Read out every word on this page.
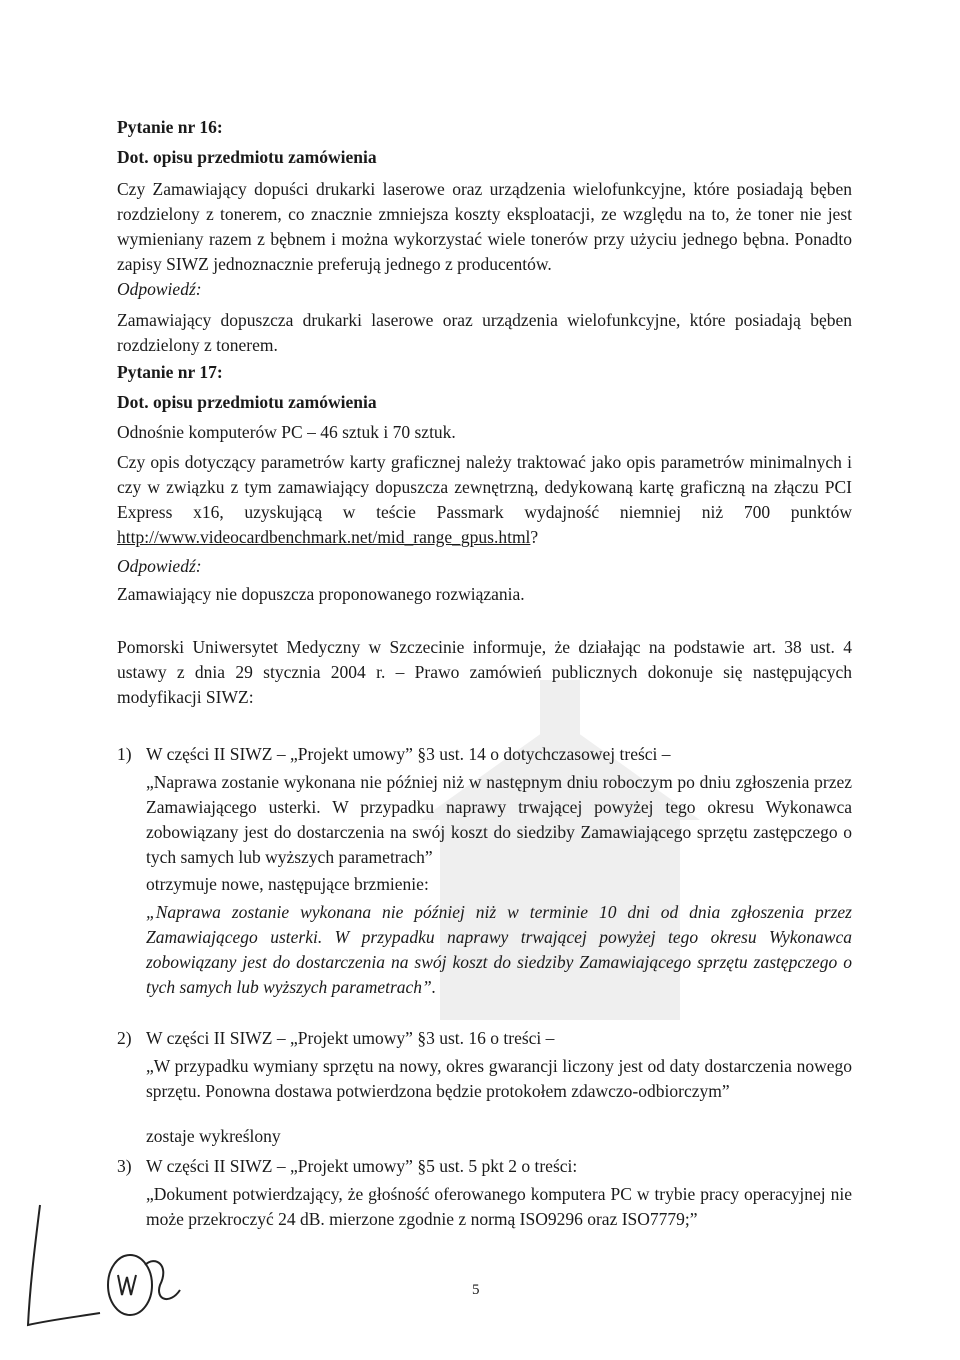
Pytanie nr 16:

Dot. opisu przedmiotu zamówienia

Czy Zamawiający dopuści drukarki laserowe oraz urządzenia wielofunkcyjne, które posiadają bęben rozdzielony z tonerem, co znacznie zmniejsza koszty eksploatacji, ze względu na to, że toner nie jest wymieniany razem z bębnem i można wykorzystać wiele tonerów przy użyciu jednego bębna. Ponadto zapisy SIWZ jednoznacznie preferują jednego z producentów.

Odpowiedź:

Zamawiający dopuszcza drukarki laserowe oraz urządzenia wielofunkcyjne, które posiadają bęben rozdzielony z tonerem.

Pytanie nr 17:

Dot. opisu przedmiotu zamówienia

Odnośnie komputerów PC – 46 sztuk i 70 sztuk.

Czy opis dotyczący parametrów karty graficznej należy traktować jako opis parametrów minimalnych i czy w związku z tym zamawiający dopuszcza zewnętrzną, dedykowaną kartę graficzną na złączu PCI Express x16, uzyskującą w teście Passmark wydajność niemniej niż 700 punktów http://www.videocardbenchmark.net/mid_range_gpus.html?

Odpowiedź:

Zamawiający nie dopuszcza proponowanego rozwiązania.

Pomorski Uniwersytet Medyczny w Szczecinie informuje, że działając na podstawie art. 38 ust. 4 ustawy z dnia 29 stycznia 2004 r. – Prawo zamówień publicznych dokonuje się następujących modyfikacji SIWZ:

1) W części II SIWZ – „Projekt umowy” §3 ust. 14 o dotychczasowej treści –

„Naprawa zostanie wykonana nie później niż w następnym dniu roboczym po dniu zgłoszenia przez Zamawiającego usterki. W przypadku naprawy trwającej powyżej tego okresu Wykonawca zobowiązany jest do dostarczenia na swój koszt do siedziby Zamawiającego sprzętu zastępczego o tych samych lub wyższych parametrach”

otrzymuje nowe, następujące brzmienie:

„Naprawa zostanie wykonana nie później niż w terminie 10 dni od dnia zgłoszenia przez Zamawiającego usterki. W przypadku naprawy trwającej powyżej tego okresu Wykonawca zobowiązany jest do dostarczenia na swój koszt do siedziby Zamawiającego sprzętu zastępczego o tych samych lub wyższych parametrach”.

2) W części II SIWZ – „Projekt umowy” §3 ust. 16 o treści –

„W przypadku wymiany sprzętu na nowy, okres gwarancji liczony jest od daty dostarczenia nowego sprzętu. Ponowna dostawa potwierdzona będzie protokołem zdawczo-odbiorczym”

zostaje wykreślony

3) W części II SIWZ – „Projekt umowy” §5 ust. 5 pkt 2 o treści:

„Dokument potwierdzający, że głośność oferowanego komputera PC w trybie pracy operacyjnej nie może przekroczyć 24 dB. mierzone zgodnie z normą ISO9296 oraz ISO7779;”

5
